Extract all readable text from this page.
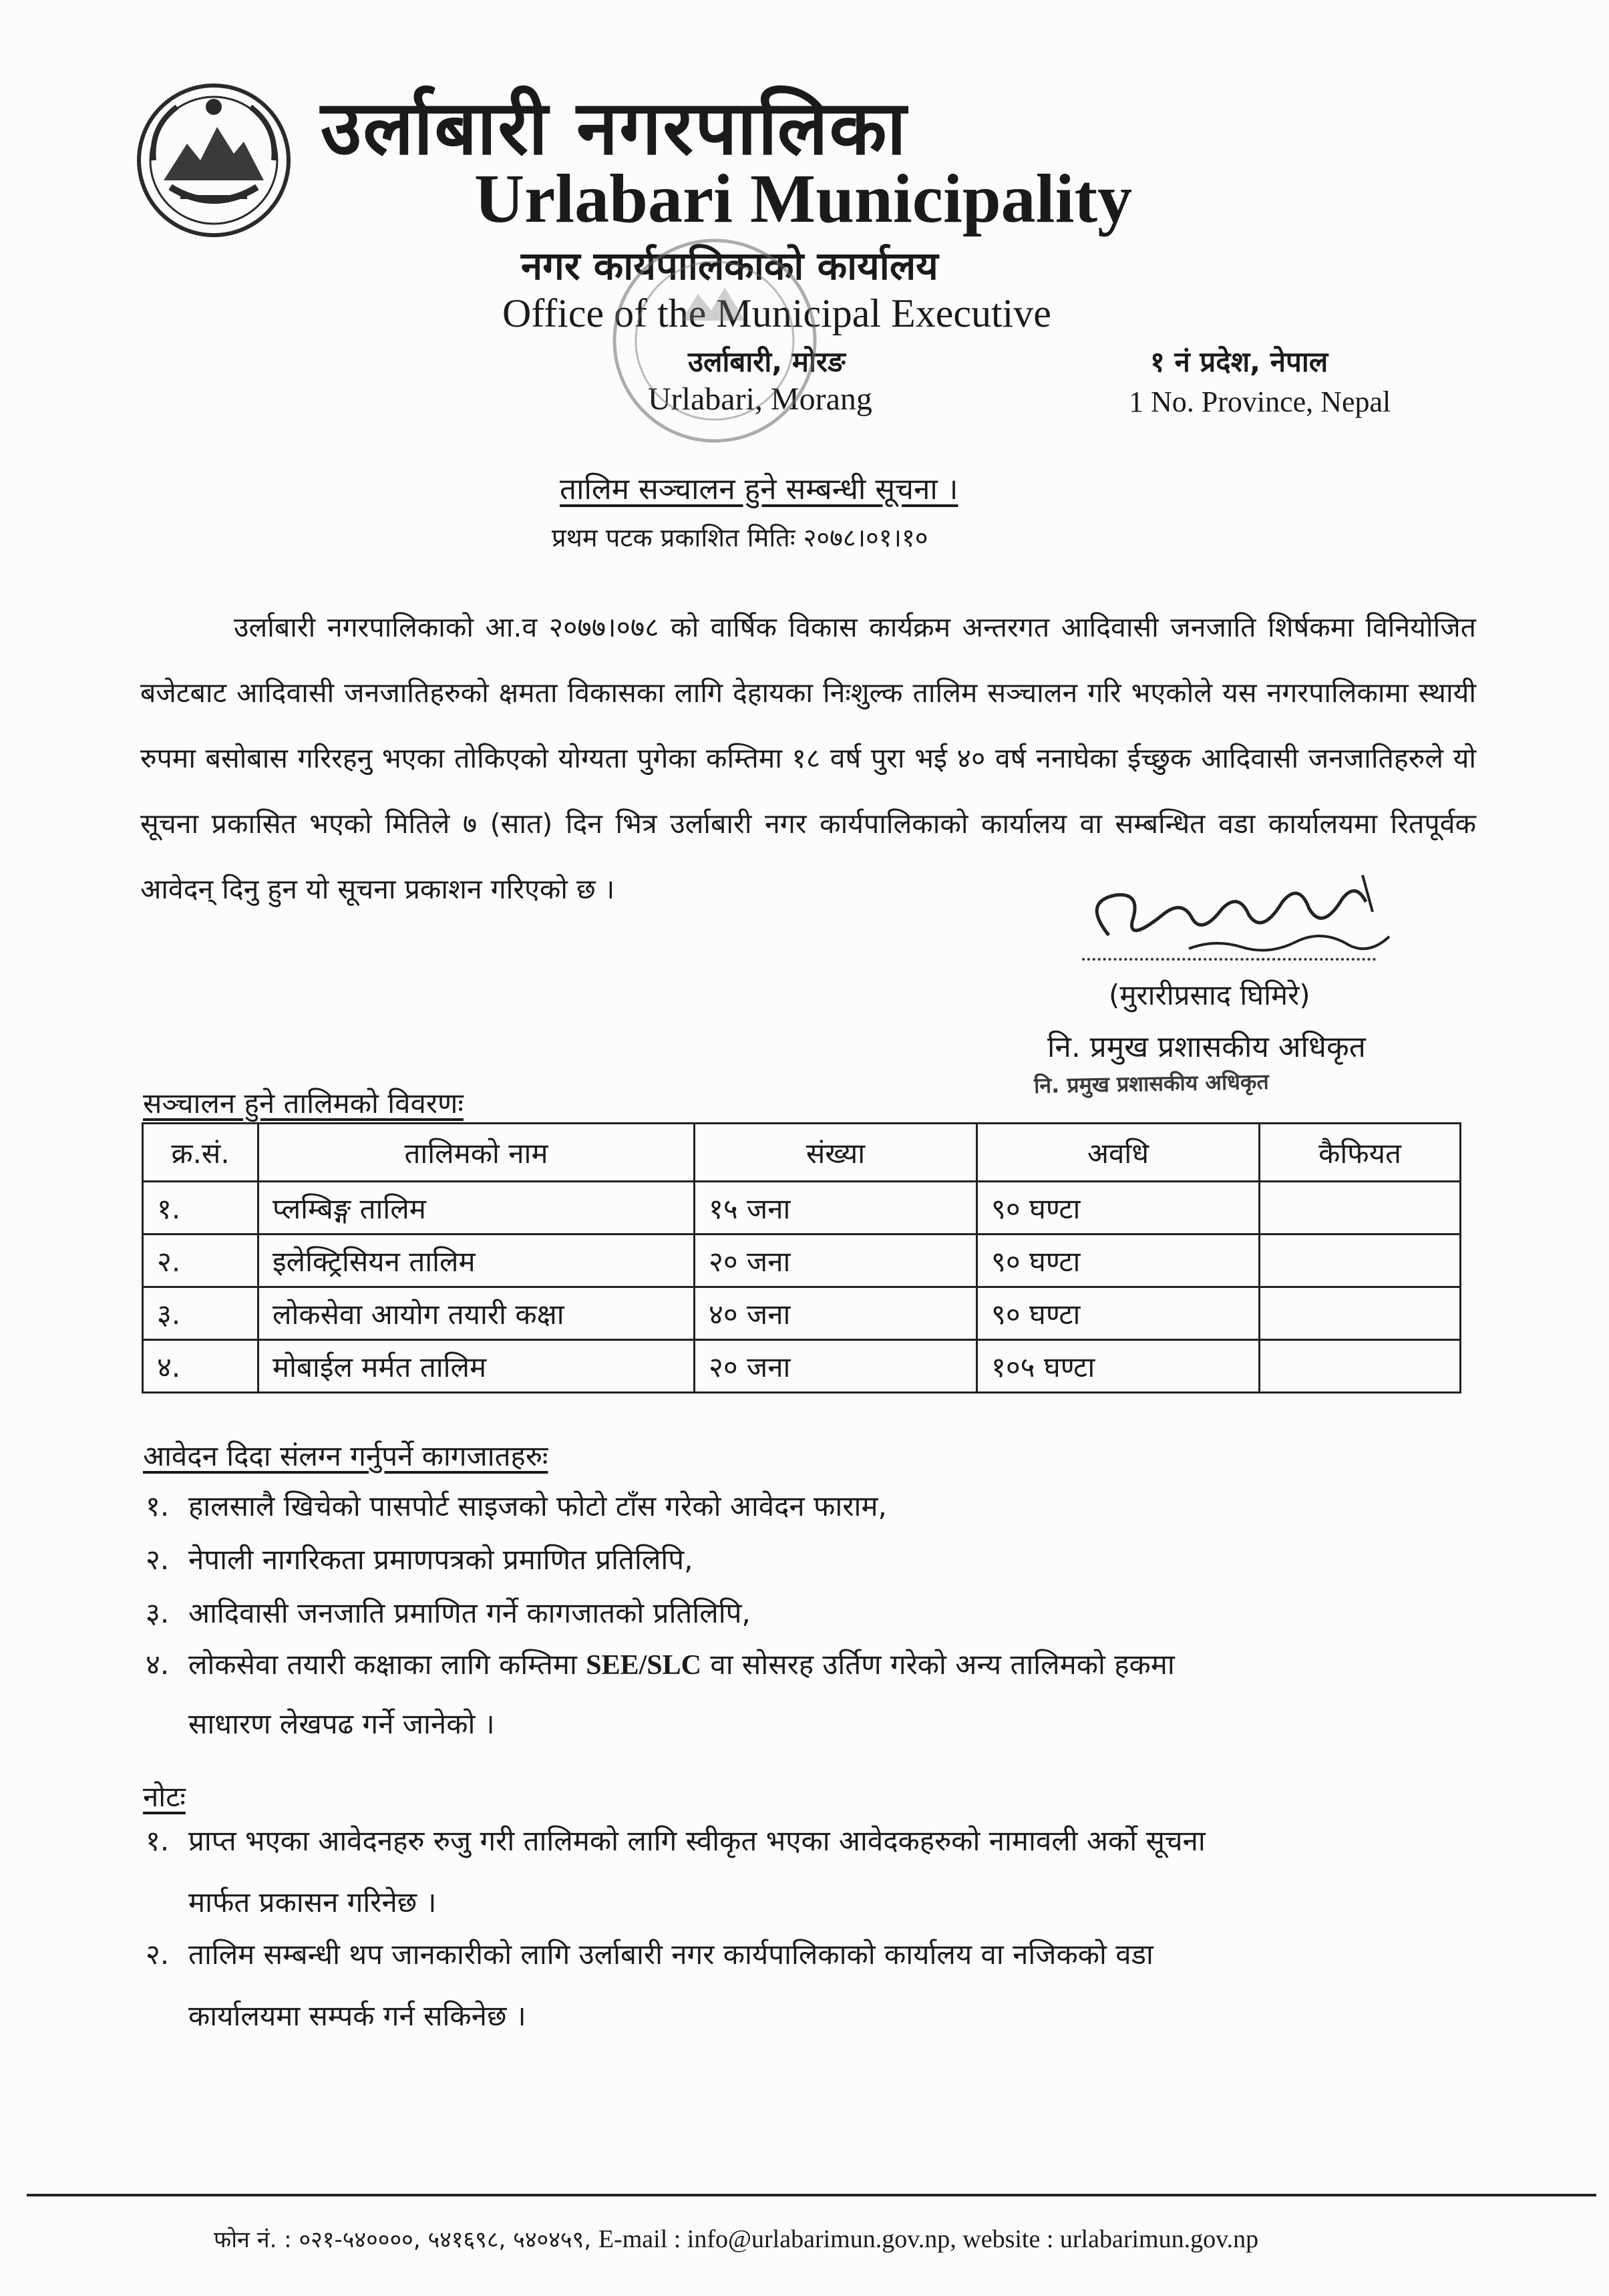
उर्लाबारी नगरपालिका
Urlabari Municipality
नगर कार्यपालिकाको कार्यालय
Office of the Municipal Executive
उर्लाबारी, मोरङ
Urlabari, Morang
१ नं प्रदेश, नेपाल
1 No. Province, Nepal
तालिम सञ्चालन हुने सम्बन्धी सूचना ।
प्रथम पटक प्रकाशित मितिः २०७८।०१।१०
उर्लाबारी नगरपालिकाको आ.व २०७७।०७८ को वार्षिक विकास कार्यक्रम अन्तरगत आदिवासी जनजाति शिर्षकमा विनियोजित बजेटबाट आदिवासी जनजातिहरुको क्षमता विकासका लागि देहायका निःशुल्क तालिम सञ्चालन गरि भएकोले यस नगरपालिकामा स्थायी रुपमा बसोबास गरिरहनु भएका तोकिएको योग्यता पुगेका कम्तिमा १८ वर्ष पुरा भई ४० वर्ष ननाघेका ईच्छुक आदिवासी जनजातिहरुले यो सूचना प्रकासित भएको मितिले ७ (सात) दिन भित्र उर्लाबारी नगर कार्यपालिकाको कार्यालय वा सम्बन्धित वडा कार्यालयमा रितपूर्वक आवेदन् दिनु हुन यो सूचना प्रकाशन गरिएको छ ।
(मुरारीप्रसाद घिमिरे)
नि. प्रमुख प्रशासकीय अधिकृत
नि. प्रमुख प्रशासकीय अधिकृत
सञ्चालन हुने तालिमको विवरणः
क्र.सं.	तालिमको नाम	संख्या	अवधि	कैफियत
१.	प्लम्बिङ्ग तालिम	१५ जना	९० घण्टा	
२.	इलेक्ट्रिसियन तालिम	२० जना	९० घण्टा	
३.	लोकसेवा आयोग तयारी कक्षा	४० जना	९० घण्टा	
४.	मोबाईल मर्मत तालिम	२० जना	१०५ घण्टा	
आवेदन दिदा संलग्न गर्नुपर्ने कागजातहरुः
१. हालसालै खिचेको पासपोर्ट साइजको फोटो टाँस गरेको आवेदन फाराम,
२. नेपाली नागरिकता प्रमाणपत्रको प्रमाणित प्रतिलिपि,
३. आदिवासी जनजाति प्रमाणित गर्ने कागजातको प्रतिलिपि,
४. लोकसेवा तयारी कक्षाका लागि कम्तिमा SEE/SLC वा सोसरह उर्तिण गरेको अन्य तालिमको हकमा
साधारण लेखपढ गर्ने जानेको ।
नोटः
१. प्राप्त भएका आवेदनहरु रुजु गरी तालिमको लागि स्वीकृत भएका आवेदकहरुको नामावली अर्को सूचना
मार्फत प्रकासन गरिनेछ ।
२. तालिम सम्बन्धी थप जानकारीको लागि उर्लाबारी नगर कार्यपालिकाको कार्यालय वा नजिकको वडा
कार्यालयमा सम्पर्क गर्न सकिनेछ ।
फोन नं. : ०२१-५४००००, ५४१६९८, ५४०४५९, E-mail : info@urlabarimun.gov.np, website : urlabarimun.gov.np
